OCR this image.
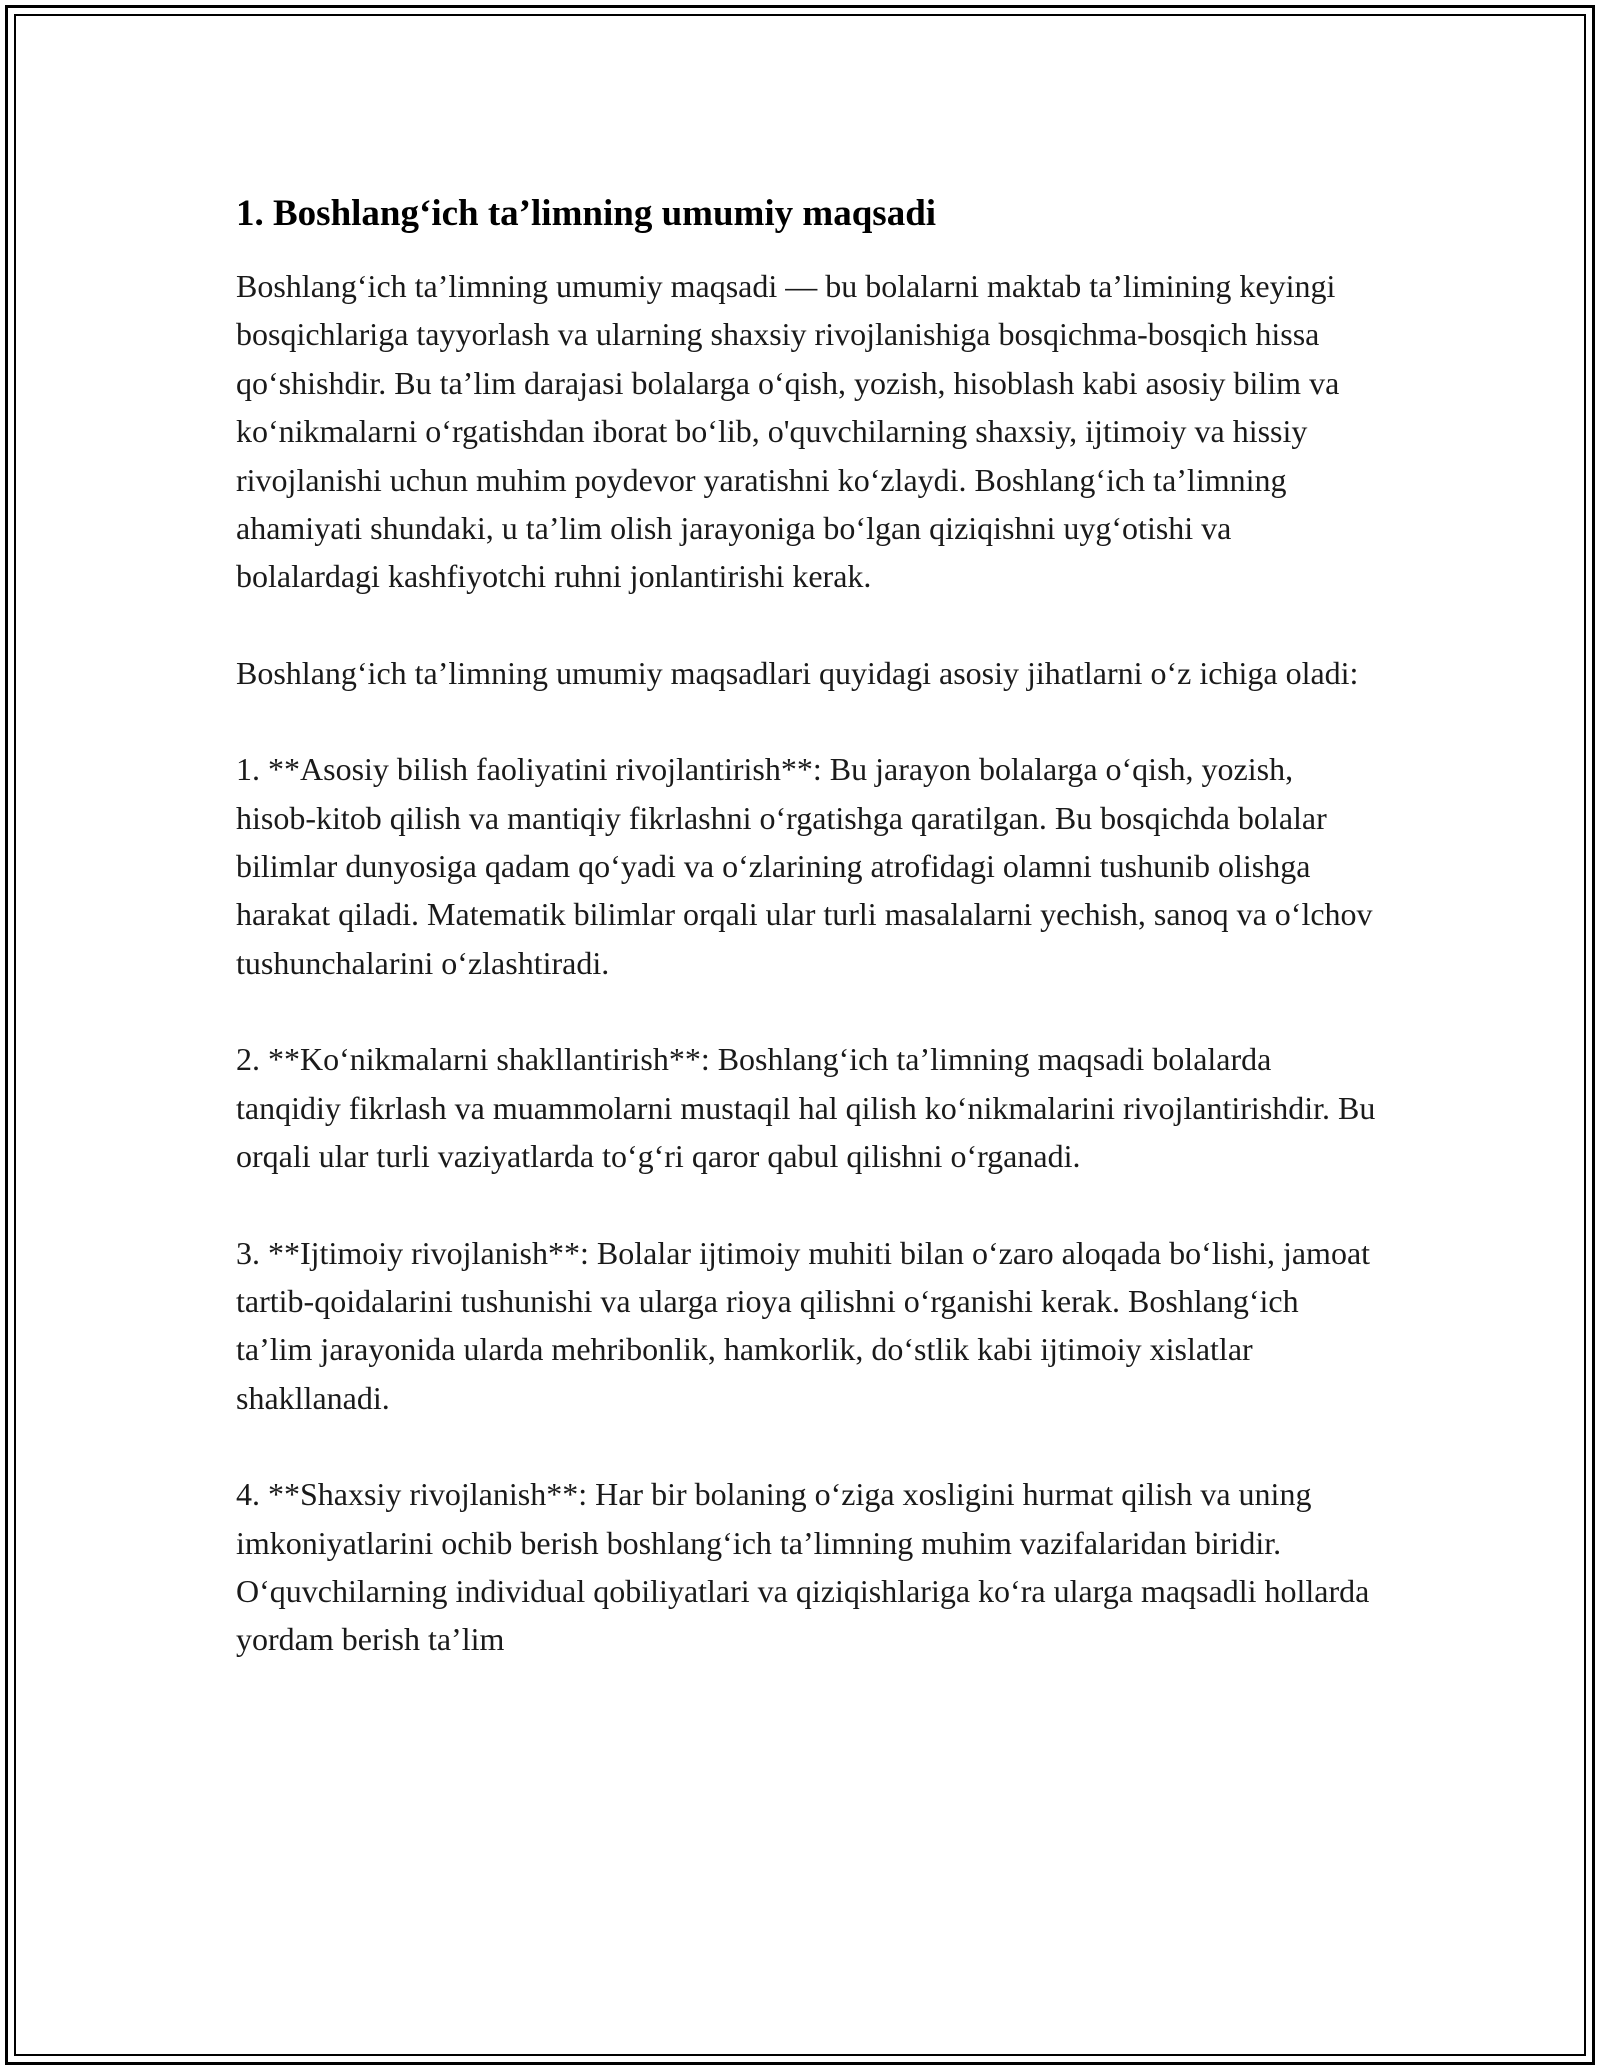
1. Boshlang‘ich ta’limning umumiy maqsadi

Boshlang‘ich ta’limning umumiy maqsadi — bu bolalarni maktab ta’limining keyingi bosqichlariga tayyorlash va ularning shaxsiy rivojlanishiga bosqichma-bosqich hissa qo‘shishdir. Bu ta’lim darajasi bolalarga o‘qish, yozish, hisoblash kabi asosiy bilim va ko‘nikmalarni o‘rgatishdan iborat bo‘lib, o'quvchilarning shaxsiy, ijtimoiy va hissiy rivojlanishi uchun muhim poydevor yaratishni ko‘zlaydi. Boshlang‘ich ta’limning ahamiyati shundaki, u ta’lim olish jarayoniga bo‘lgan qiziqishni uyg‘otishi va bolalardagi kashfiyotchi ruhni jonlantirishi kerak.

Boshlang‘ich ta’limning umumiy maqsadlari quyidagi asosiy jihatlarni o‘z ichiga oladi:

1. **Asosiy bilish faoliyatini rivojlantirish**: Bu jarayon bolalarga o‘qish, yozish, hisob-kitob qilish va mantiqiy fikrlashni o‘rgatishga qaratilgan. Bu bosqichda bolalar bilimlar dunyosiga qadam qo‘yadi va o‘zlarining atrofidagi olamni tushunib olishga harakat qiladi. Matematik bilimlar orqali ular turli masalalarni yechish, sanoq va o‘lchov tushunchalarini o‘zlashtiradi.

2. **Ko‘nikmalarni shakllantirish**: Boshlang‘ich ta’limning maqsadi bolalarda tanqidiy fikrlash va muammolarni mustaqil hal qilish ko‘nikmalarini rivojlantirishdir. Bu orqali ular turli vaziyatlarda to‘g‘ri qaror qabul qilishni o‘rganadi.

3. **Ijtimoiy rivojlanish**: Bolalar ijtimoiy muhiti bilan o‘zaro aloqada bo‘lishi, jamoat tartib-qoidalarini tushunishi va ularga rioya qilishni o‘rganishi kerak. Boshlang‘ich ta’lim jarayonida ularda mehribonlik, hamkorlik, do‘stlik kabi ijtimoiy xislatlar shakllanadi.

4. **Shaxsiy rivojlanish**: Har bir bolaning o‘ziga xosligini hurmat qilish va uning imkoniyatlarini ochib berish boshlang‘ich ta’limning muhim vazifalaridan biridir. O‘quvchilarning individual qobiliyatlari va qiziqishlariga ko‘ra ularga maqsadli hollarda yordam berish ta’lim
